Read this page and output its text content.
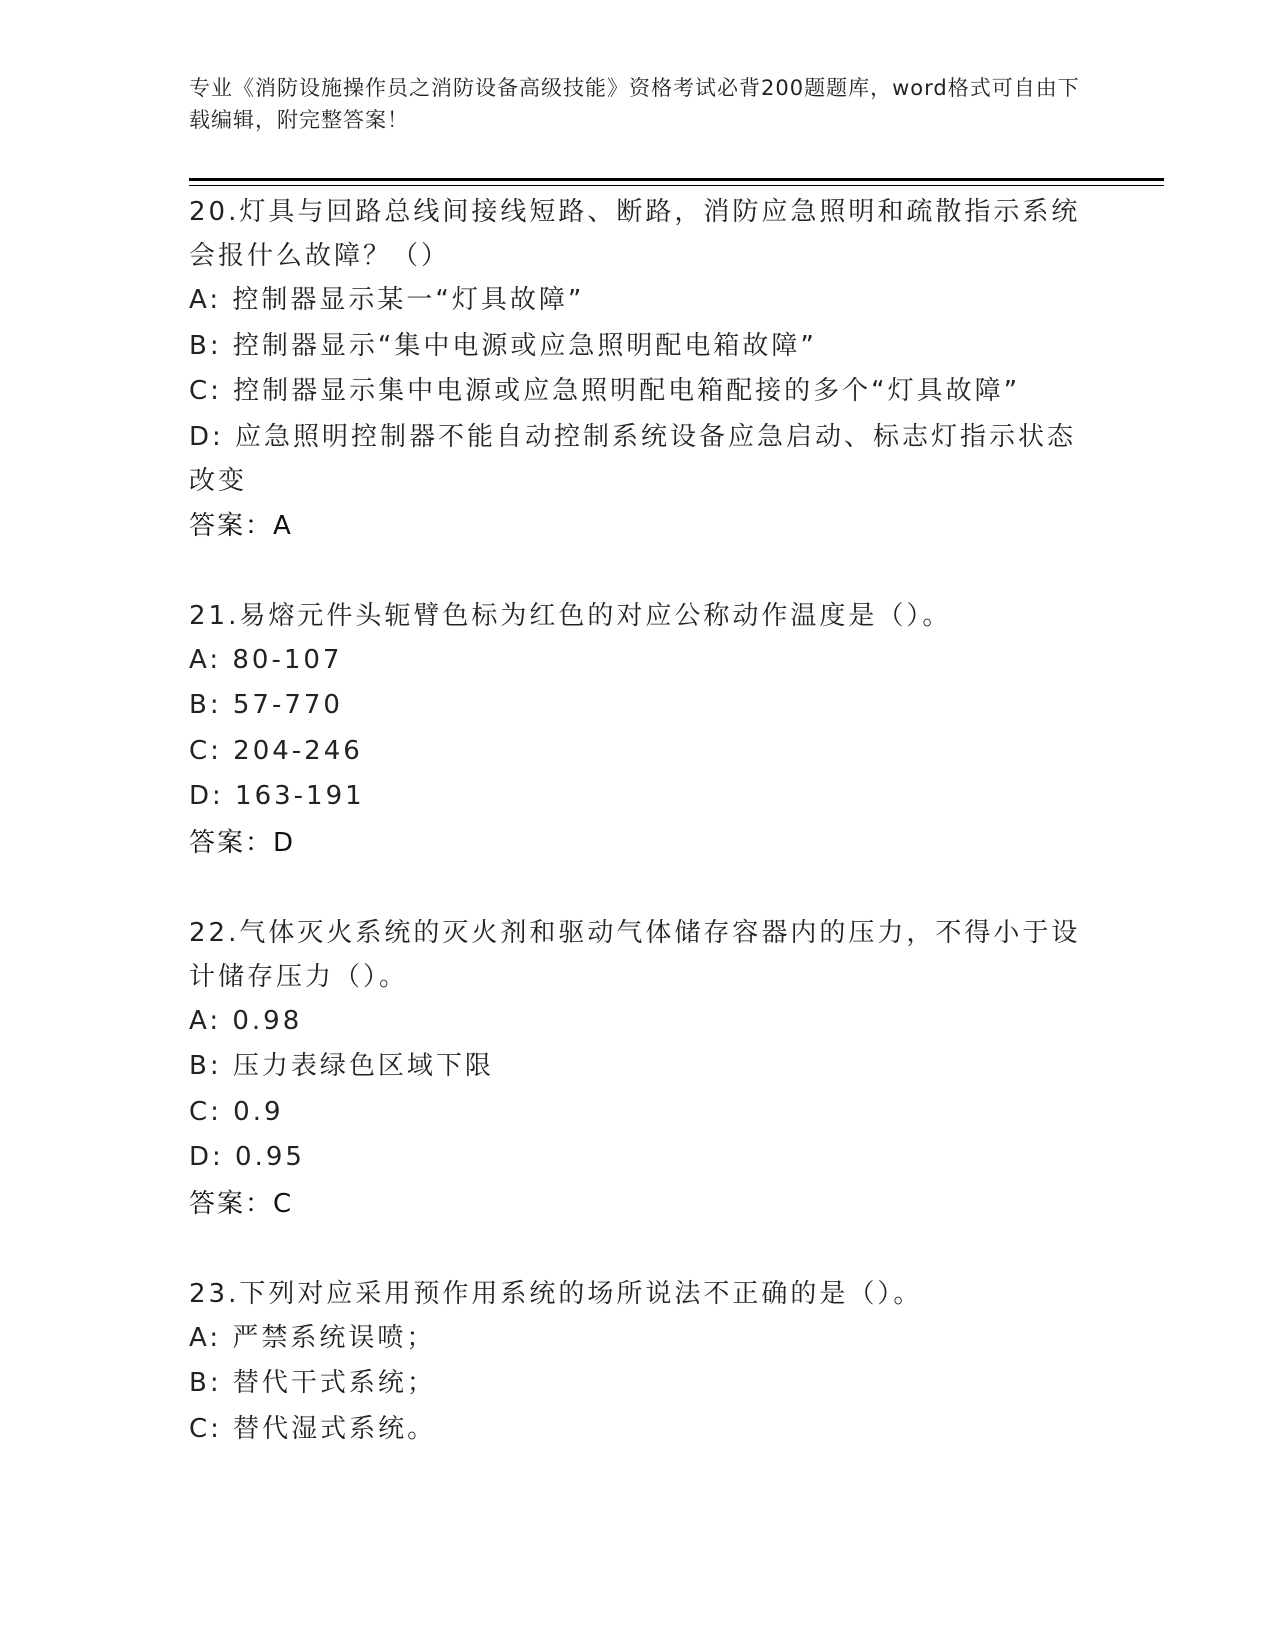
专业《消防设施操作员之消防设备高级技能》资格考试必背200题题库，word格式可自由下载编辑，附完整答案！
20.灯具与回路总线间接线短路、断路，消防应急照明和疏散指示系统会报什么故障？（）
A: 控制器显示某一“灯具故障”
B: 控制器显示“集中电源或应急照明配电箱故障”
C: 控制器显示集中电源或应急照明配电箱配接的多个“灯具故障”
D: 应急照明控制器不能自动控制系统设备应急启动、标志灯指示状态改变
答案：A
21.易熔元件头轭臂色标为红色的对应公称动作温度是（）。
A: 80-107
B: 57-770
C: 204-246
D: 163-191
答案：D
22.气体灭火系统的灭火剂和驱动气体储存容器内的压力，不得小于设计储存压力（）。
A: 0.98
B: 压力表绿色区域下限
C: 0.9
D: 0.95
答案：C
23.下列对应采用预作用系统的场所说法不正确的是（）。
A: 严禁系统误喷；
B: 替代干式系统；
C: 替代湿式系统。
